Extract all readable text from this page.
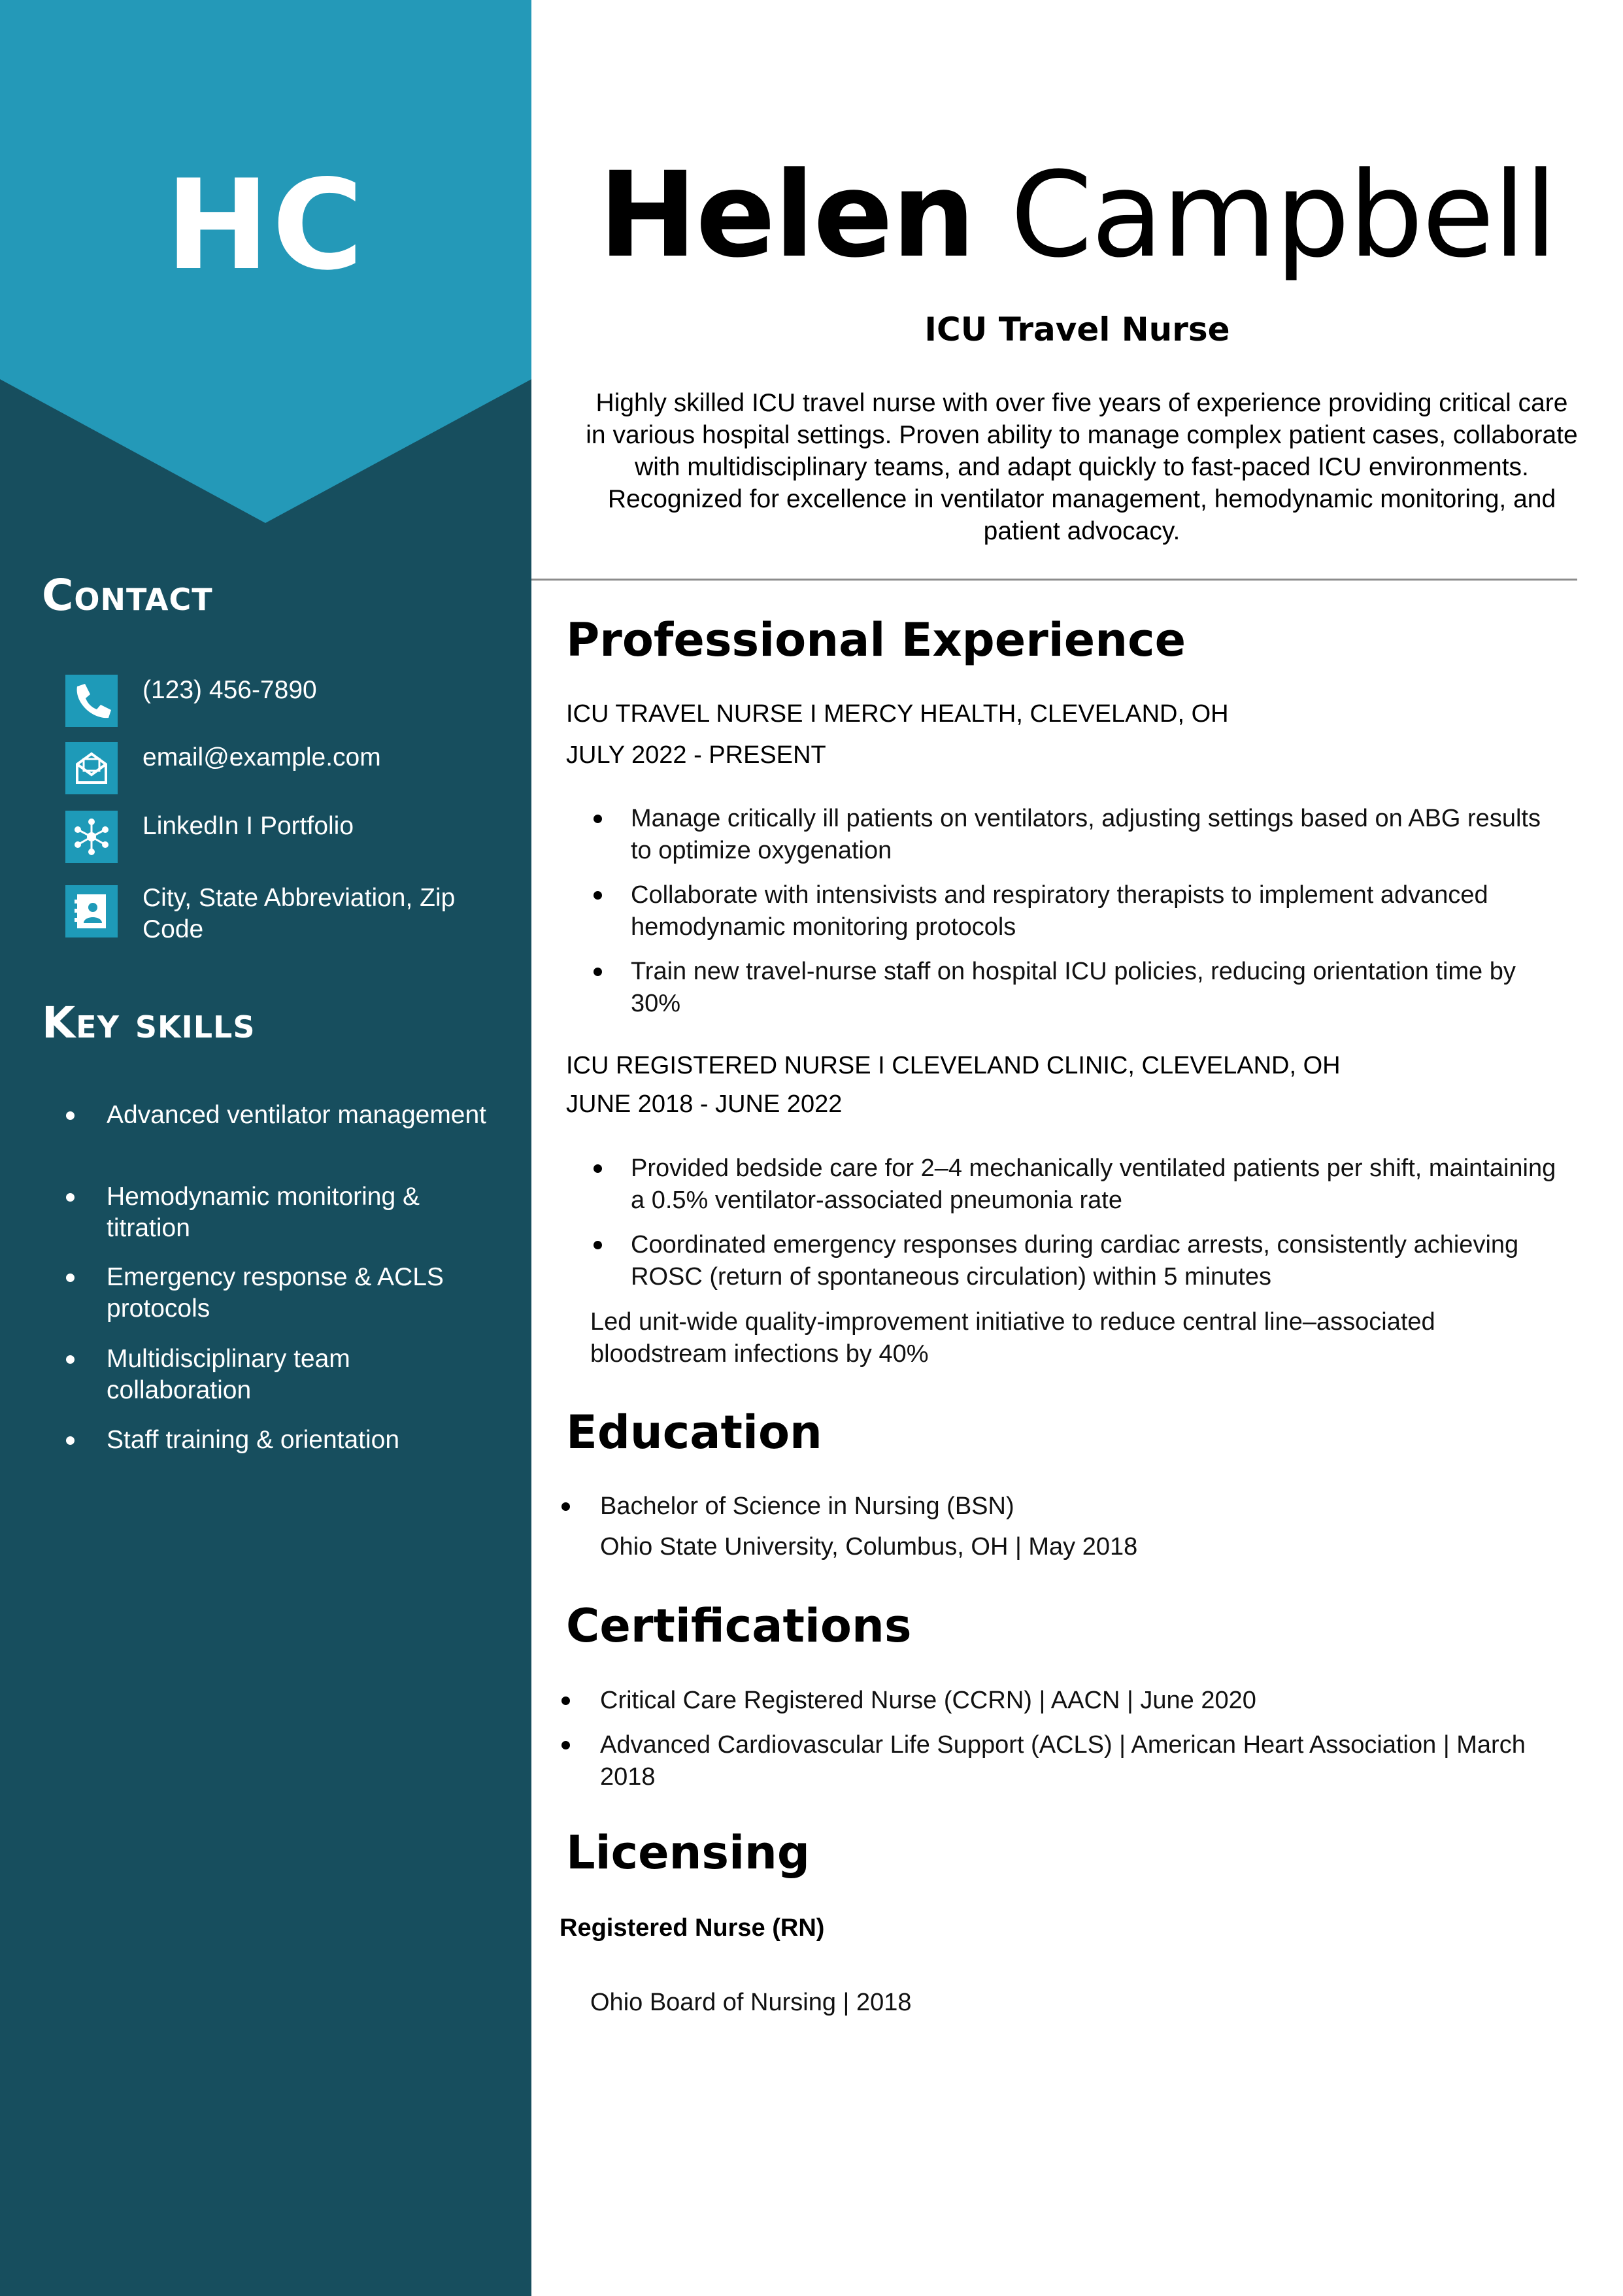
HC
Contact
(123) 456-7890
email@example.com
LinkedIn I Portfolio
City, State Abbreviation, Zip Code
Key skills
Advanced ventilator management
Hemodynamic monitoring & titration
Emergency response & ACLS protocols
Multidisciplinary team collaboration
Staff training & orientation
Helen Campbell
ICU Travel Nurse
Highly skilled ICU travel nurse with over five years of experience providing critical care in various hospital settings. Proven ability to manage complex patient cases, collaborate with multidisciplinary teams, and adapt quickly to fast-paced ICU environments. Recognized for excellence in ventilator management, hemodynamic monitoring, and patient advocacy.
Professional Experience
ICU TRAVEL NURSE I MERCY HEALTH, CLEVELAND, OH
JULY 2022 - PRESENT
Manage critically ill patients on ventilators, adjusting settings based on ABG results to optimize oxygenation
Collaborate with intensivists and respiratory therapists to implement advanced hemodynamic monitoring protocols
Train new travel-nurse staff on hospital ICU policies, reducing orientation time by 30%
ICU REGISTERED NURSE I CLEVELAND CLINIC, CLEVELAND, OH
JUNE 2018 - JUNE 2022
Provided bedside care for 2–4 mechanically ventilated patients per shift, maintaining a 0.5% ventilator-associated pneumonia rate
Coordinated emergency responses during cardiac arrests, consistently achieving ROSC (return of spontaneous circulation) within 5 minutes
Led unit-wide quality-improvement initiative to reduce central line–associated bloodstream infections by 40%
Education
Bachelor of Science in Nursing (BSN)
Ohio State University, Columbus, OH | May 2018
Certifications
Critical Care Registered Nurse (CCRN) | AACN | June 2020
Advanced Cardiovascular Life Support (ACLS) | American Heart Association | March 2018
Licensing
Registered Nurse (RN)
Ohio Board of Nursing | 2018
